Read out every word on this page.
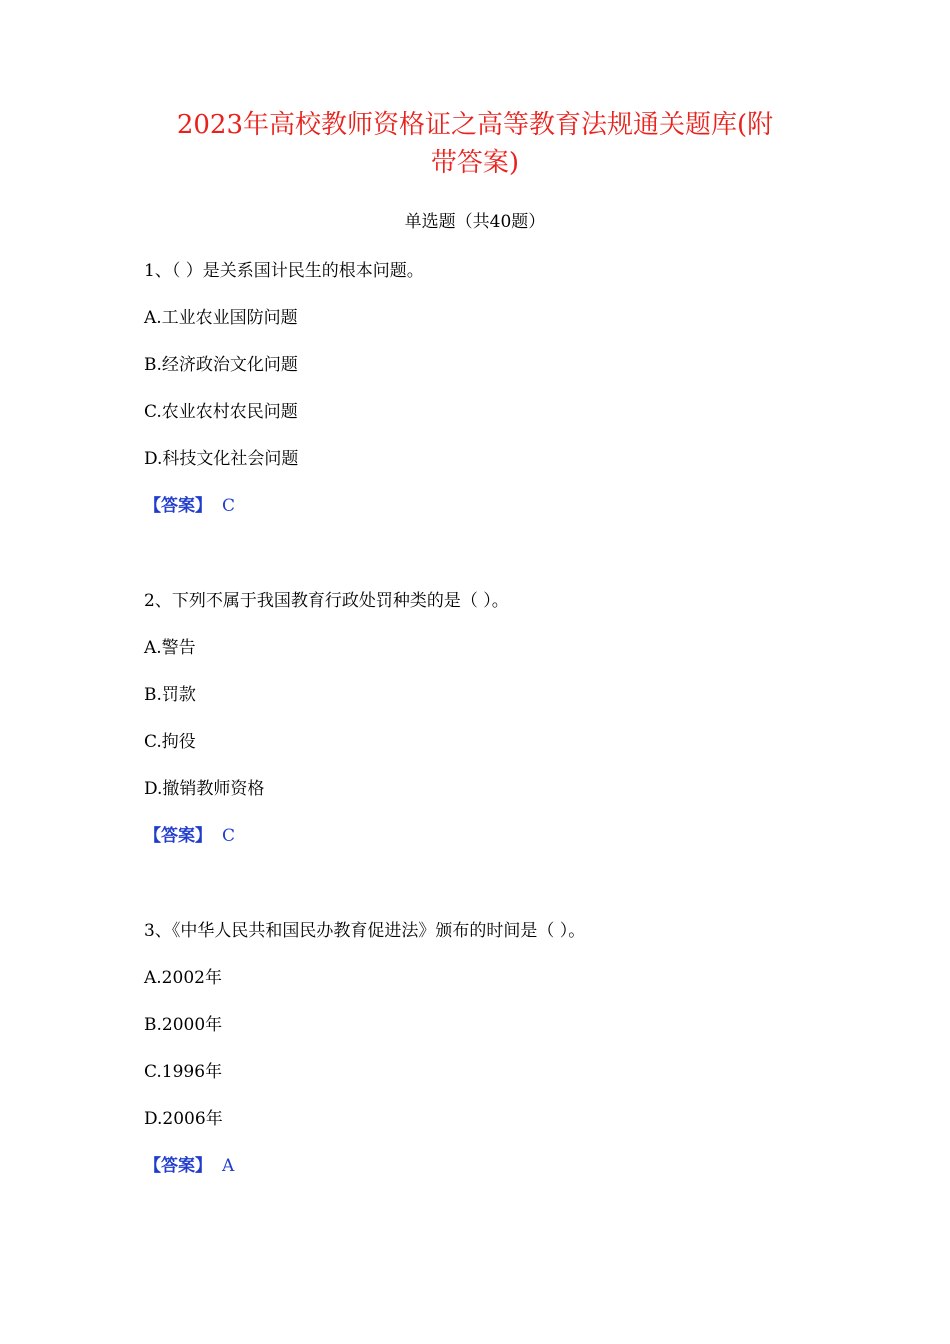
2023年高校教师资格证之高等教育法规通关题库(附
带答案)
单选题（共40题）
1、（ ）是关系国计民生的根本问题。
A.工业农业国防问题
B.经济政治文化问题
C.农业农村农民问题
D.科技文化社会问题
【答案】 C
2、下列不属于我国教育行政处罚种类的是（ ）。
A.警告
B.罚款
C.拘役
D.撤销教师资格
【答案】 C
3、《中华人民共和国民办教育促进法》颁布的时间是（ ）。
A.2002年
B.2000年
C.1996年
D.2006年
【答案】 A
